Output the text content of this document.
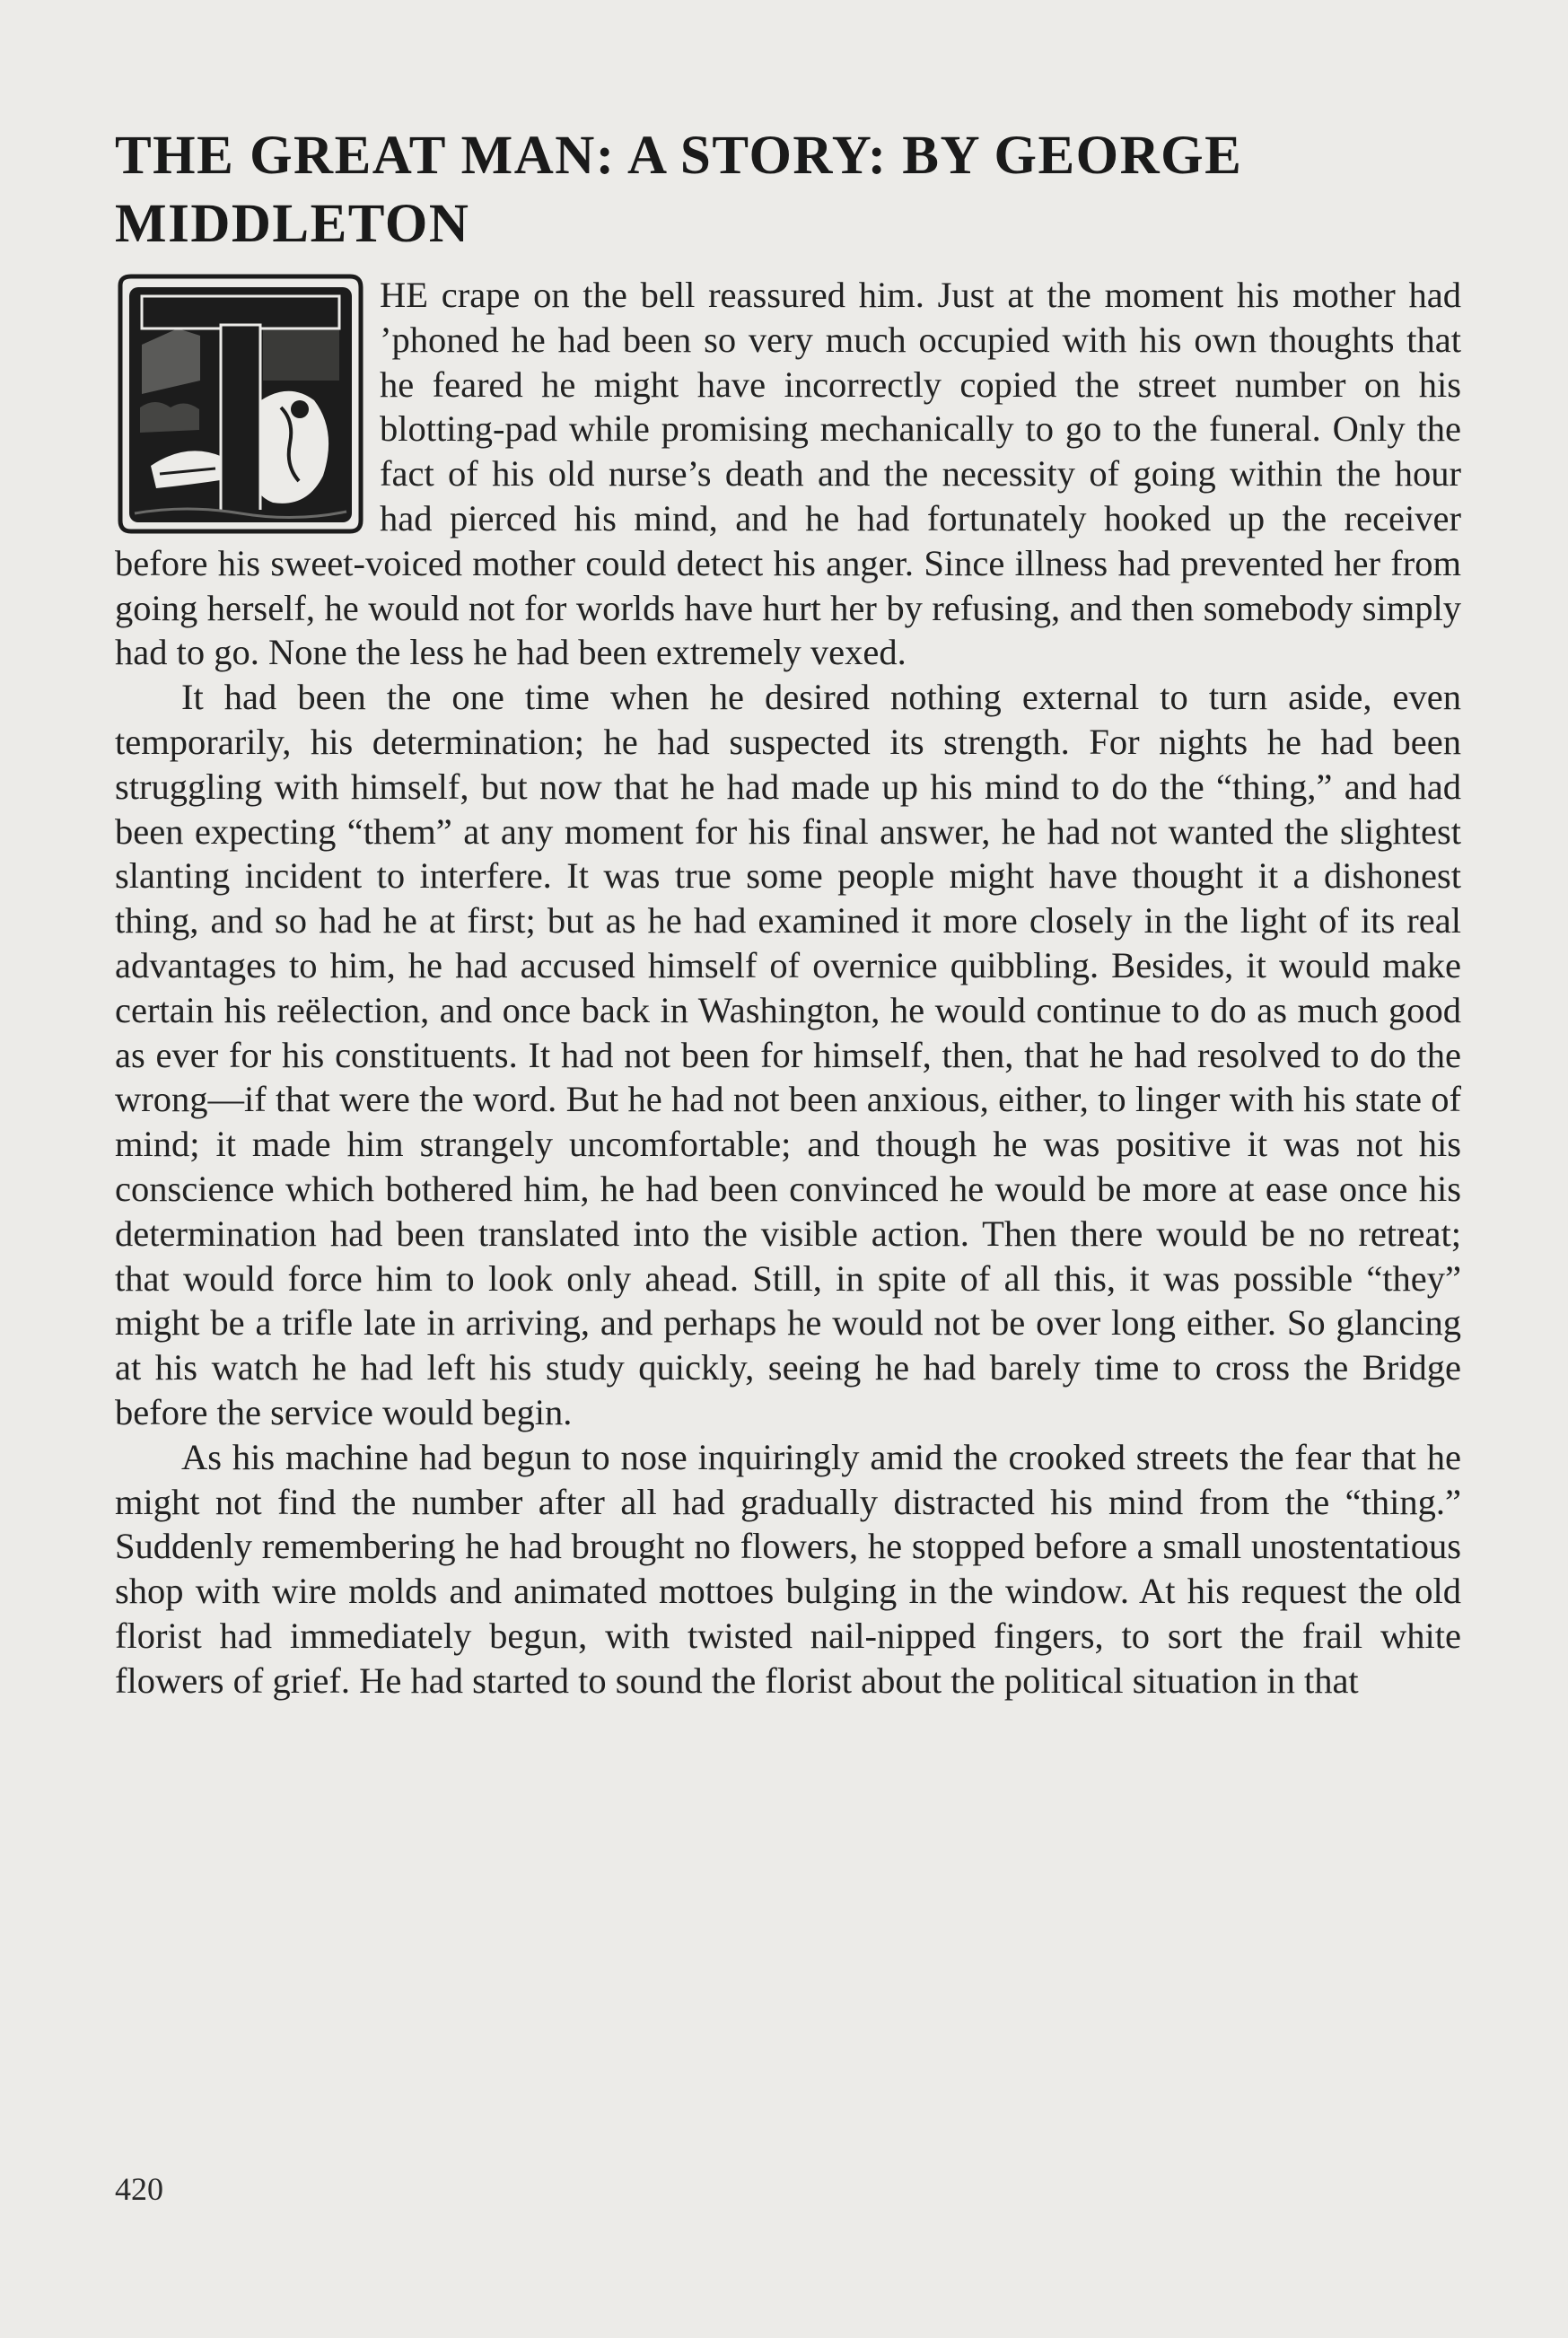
THE GREAT MAN: A STORY: BY GEORGE MIDDLETON

HE crape on the bell reassured him. Just at the moment his mother had ’phoned he had been so very much occupied with his own thoughts that he feared he might have incorrectly copied the street number on his blotting-pad while promising mechanically to go to the funeral. Only the fact of his old nurse’s death and the necessity of going within the hour had pierced his mind, and he had fortunately hooked up the receiver before his sweet-voiced mother could detect his anger. Since illness had prevented her from going herself, he would not for worlds have hurt her by refusing, and then somebody simply had to go. None the less he had been extremely vexed.

It had been the one time when he desired nothing external to turn aside, even temporarily, his determination; he had suspected its strength. For nights he had been struggling with himself, but now that he had made up his mind to do the “thing,” and had been expecting “them” at any moment for his final answer, he had not wanted the slightest slanting incident to interfere. It was true some people might have thought it a dishonest thing, and so had he at first; but as he had examined it more closely in the light of its real advantages to him, he had accused himself of overnice quibbling. Besides, it would make certain his reëlection, and once back in Washington, he would continue to do as much good as ever for his constituents. It had not been for himself, then, that he had resolved to do the wrong—if that were the word. But he had not been anxious, either, to linger with his state of mind; it made him strangely uncomfortable; and though he was positive it was not his conscience which bothered him, he had been convinced he would be more at ease once his determination had been translated into the visible action. Then there would be no retreat; that would force him to look only ahead. Still, in spite of all this, it was possible “they” might be a trifle late in arriving, and perhaps he would not be over long either. So glancing at his watch he had left his study quickly, seeing he had barely time to cross the Bridge before the service would begin.

As his machine had begun to nose inquiringly amid the crooked streets the fear that he might not find the number after all had gradually distracted his mind from the “thing.” Suddenly remembering he had brought no flowers, he stopped before a small unostentatious shop with wire molds and animated mottoes bulging in the window. At his request the old florist had immediately begun, with twisted nail-nipped fingers, to sort the frail white flowers of grief. He had started to sound the florist about the political situation in that

420
